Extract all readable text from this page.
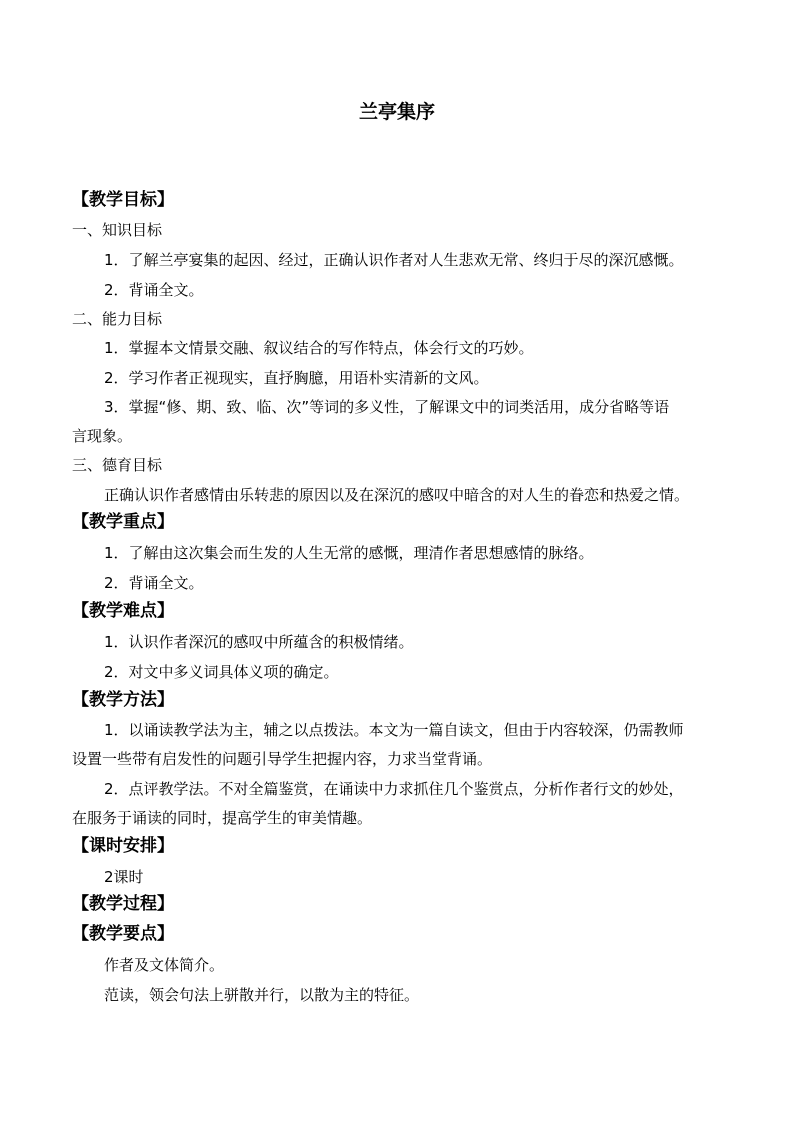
兰亭集序
【教学目标】
一、知识目标
1．了解兰亭宴集的起因、经过，正确认识作者对人生悲欢无常、终归于尽的深沉感慨。
2．背诵全文。
二、能力目标
1．掌握本文情景交融、叙议结合的写作特点，体会行文的巧妙。
2．学习作者正视现实，直抒胸臆，用语朴实清新的文风。
3．掌握“修、期、致、临、次”等词的多义性，了解课文中的词类活用，成分省略等语
言现象。
三、德育目标
正确认识作者感情由乐转悲的原因以及在深沉的感叹中暗含的对人生的眷恋和热爱之情。
【教学重点】
1．了解由这次集会而生发的人生无常的感慨，理清作者思想感情的脉络。
2．背诵全文。
【教学难点】
1．认识作者深沉的感叹中所蕴含的积极情绪。
2．对文中多义词具体义项的确定。
【教学方法】
1．以诵读教学法为主，辅之以点拨法。本文为一篇自读文，但由于内容较深，仍需教师
设置一些带有启发性的问题引导学生把握内容，力求当堂背诵。
2．点评教学法。不对全篇鉴赏，在诵读中力求抓住几个鉴赏点，分析作者行文的妙处，
在服务于诵读的同时，提高学生的审美情趣。
【课时安排】
2课时
【教学过程】
【教学要点】
作者及文体简介。
范读，领会句法上骈散并行，以散为主的特征。
